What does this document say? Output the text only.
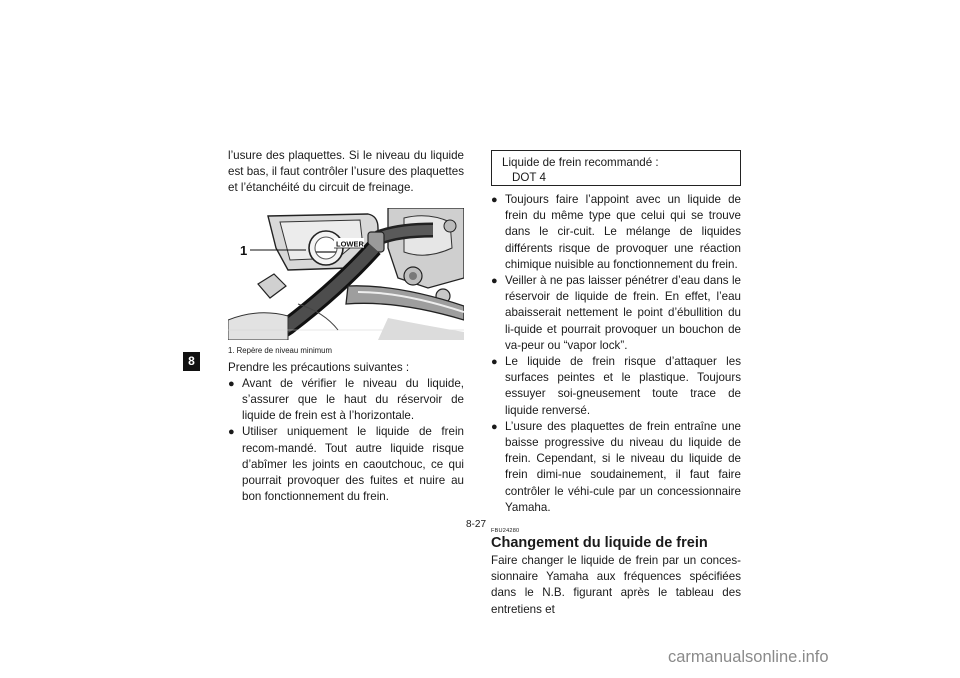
8

l’usure des plaquettes. Si le niveau du liquide est bas, il faut contrôler l’usure des plaquettes et l’étanchéité du circuit de freinage.

1	LOWER
1. Repère de niveau minimum

Prendre les précautions suivantes :

● Avant de vérifier le niveau du liquide, s’assurer que le haut du réservoir de liquide de frein est à l’horizontale.
● Utiliser uniquement le liquide de frein recom-mandé. Tout autre liquide risque d’abîmer les joints en caoutchouc, ce qui pourrait provoquer des fuites et nuire au bon fonctionnement du frein.
Liquide de frein recommandé :
DOT 4
● Toujours faire l’appoint avec un liquide de frein du même type que celui qui se trouve dans le cir-cuit. Le mélange de liquides différents risque de provoquer une réaction chimique nuisible au fonctionnement du frein.
● Veiller à ne pas laisser pénétrer d’eau dans le réservoir de liquide de frein. En effet, l’eau abaisserait nettement le point d’ébullition du li-quide et pourrait provoquer un bouchon de va-peur ou “vapor lock”.
● Le liquide de frein risque d’attaquer les surfaces peintes et le plastique. Toujours essuyer soi-gneusement toute trace de liquide renversé.
● L’usure des plaquettes de frein entraîne une baisse progressive du niveau du liquide de frein. Cependant, si le niveau du liquide de frein dimi-nue soudainement, il faut faire contrôler le véhi-cule par un concessionnaire Yamaha.
FBU24280
Changement du liquide de frein

Faire changer le liquide de frein par un conces-sionnaire Yamaha aux fréquences spécifiées dans le N.B. figurant après le tableau des entretiens et

8-27
carmanualsonline.info
